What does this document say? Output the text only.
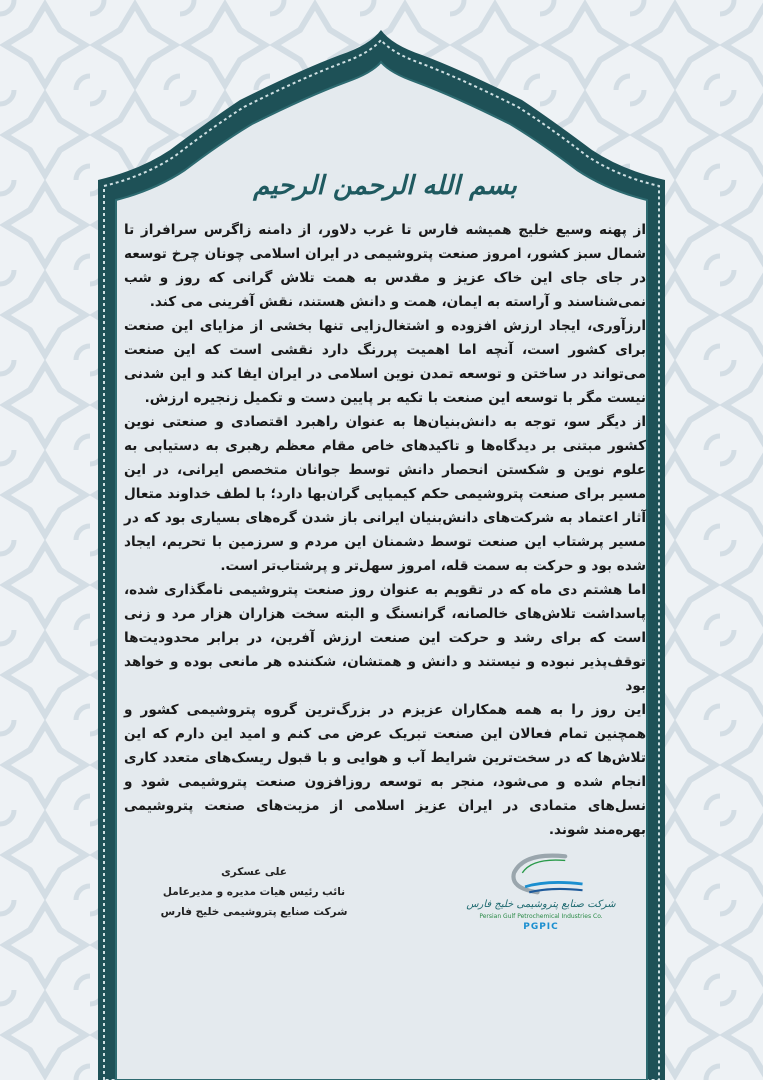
بسم الله الرحمن الرحیم

از پهنه وسیع خلیج همیشه فارس تا غرب دلاور، از دامنه زاگرس سرافراز تا شمال سبز کشور، امروز صنعت پتروشیمی در ایران اسلامی چونان چرخ توسعه در جای جای این خاک عزیز و مقدس به همت تلاش گرانی که روز و شب نمی‌شناسند و آراسته به ایمان، همت و دانش هستند، نقش آفرینی می کند.

ارزآوری، ایجاد ارزش افزوده و اشتغال‌زایی تنها بخشی از مزایای این صنعت برای کشور است، آنچه اما اهمیت پررنگ دارد نقشی است که این صنعت می‌تواند در ساختن و توسعه تمدن نوین اسلامی در ایران ایفا کند و این شدنی نیست مگر با توسعه این صنعت با تکیه بر پایین دست و تکمیل زنجیره ارزش.

از دیگر سو، توجه به دانش‌بنیان‌ها به عنوان راهبرد اقتصادی و صنعتی نوین کشور مبتنی بر دیدگاه‌ها و تاکیدهای خاص مقام معظم رهبری به دستیابی به علوم نوین و شکستن انحصار دانش توسط جوانان متخصص ایرانی، در این مسیر برای صنعت پتروشیمی حکم کیمیایی گران‌بها دارد؛ با لطف خداوند متعال آثار اعتماد به شرکت‌های دانش‌بنیان ایرانی باز شدن گره‌های بسیاری بود که در مسیر پرشتاب این صنعت توسط دشمنان این مردم و سرزمین با تحریم، ایجاد شده بود و حرکت به سمت قله، امروز سهل‌تر و پرشتاب‌تر است.

اما هشتم دی ماه که در تقویم به عنوان روز صنعت پتروشیمی نامگذاری شده، پاسداشت تلاش‌های خالصانه، گرانسنگ و البته سخت هزاران هزار مرد و زنی است که برای رشد و حرکت این صنعت ارزش آفرین، در برابر محدودیت‌ها توقف‌پذیر نبوده و نیستند و دانش و همتشان، شکننده هر مانعی بوده و خواهد بود

این روز را به همه همکاران عزیزم در بزرگ‌ترین گروه پتروشیمی کشور و همچنین تمام فعالان این صنعت تبریک عرض می کنم و امید این دارم که این تلاش‌ها که در سخت‌ترین شرایط آب و هوایی و با قبول ریسک‌های متعدد کاری انجام شده و می‌شود، منجر به توسعه روزافزون صنعت پتروشیمی شود و نسل‌های متمادی در ایران عزیز اسلامی از مزیت‌های صنعت پتروشیمی بهره‌مند شوند.

علی عسکری
نائب رئیس هیات مدیره و مدیرعامل
شرکت صنایع پتروشیمی خلیج فارس
شرکت صنایع پتروشیمی خلیج فارس
Persian Gulf Petrochemical Industries Co.
PGPIC
